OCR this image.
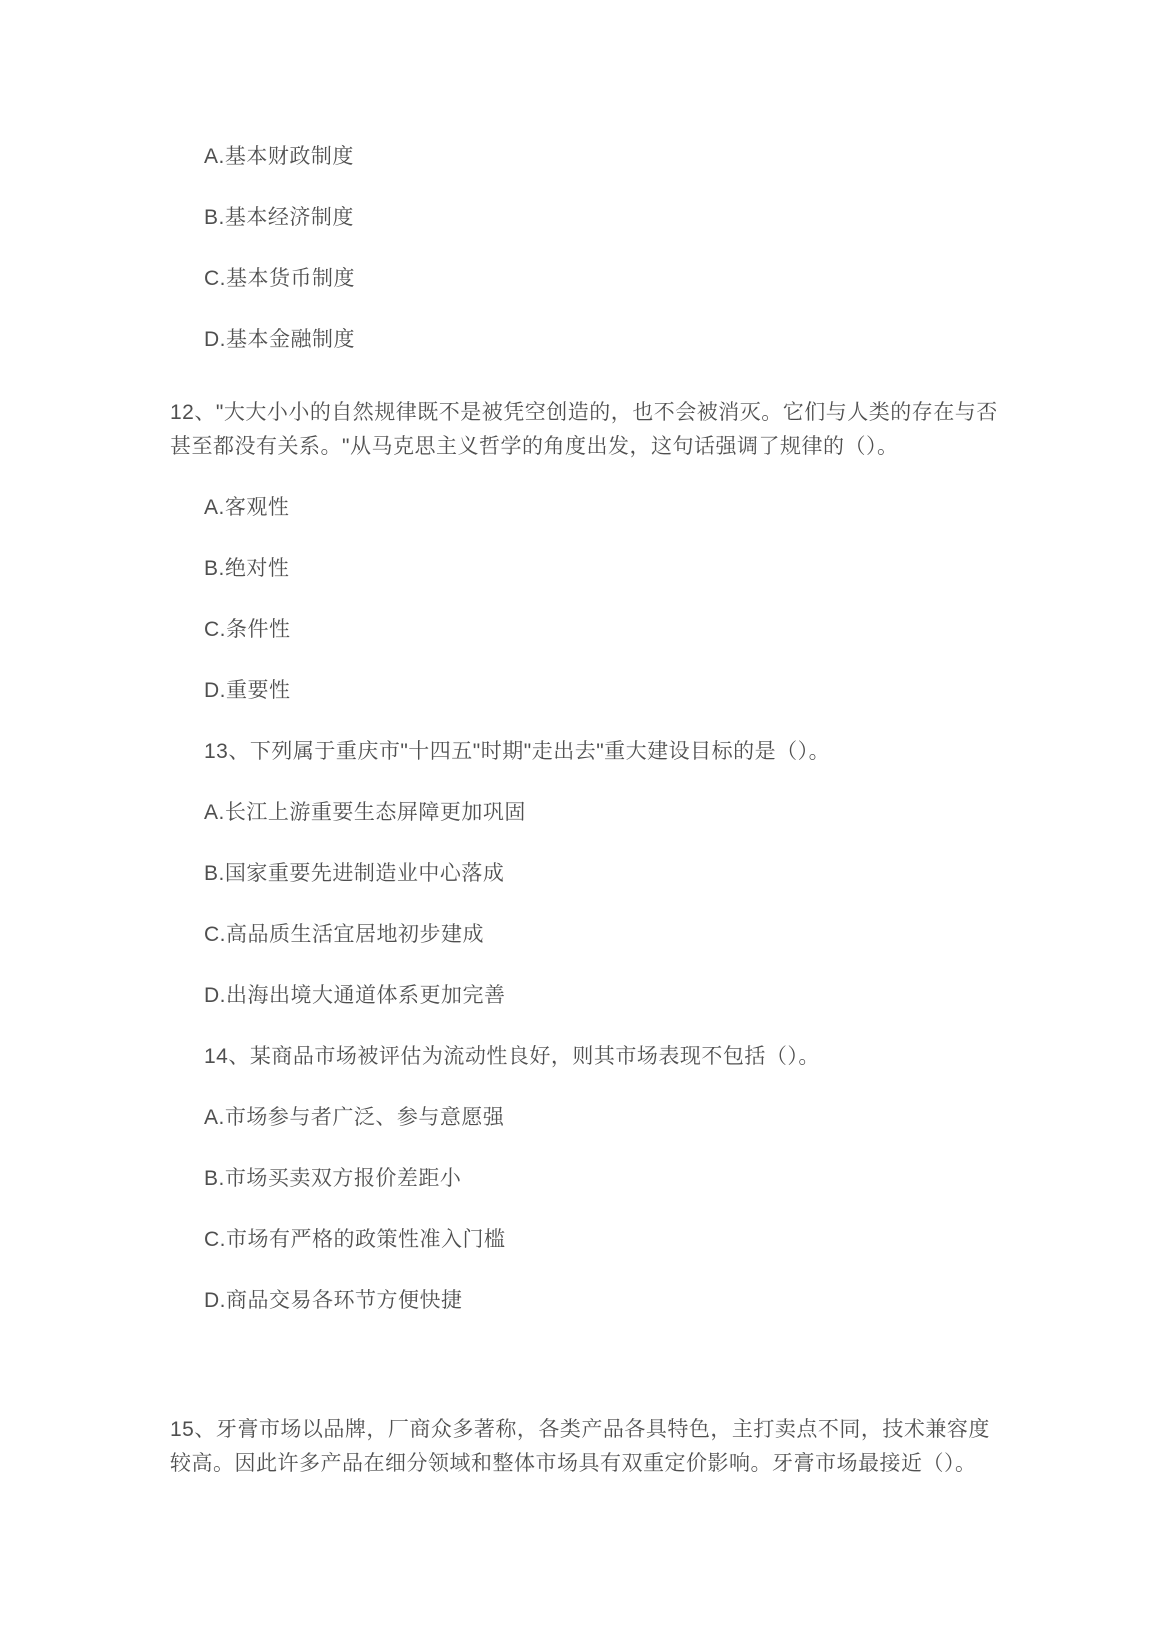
A.基本财政制度

B.基本经济制度

C.基本货币制度

D.基本金融制度

12、"大大小小的自然规律既不是被凭空创造的，也不会被消灭。它们与人类的存在与否甚至都没有关系。"从马克思主义哲学的角度出发，这句话强调了规律的（）。

A.客观性

B.绝对性

C.条件性

D.重要性

13、下列属于重庆市"十四五"时期"走出去"重大建设目标的是（）。

A.长江上游重要生态屏障更加巩固

B.国家重要先进制造业中心落成

C.高品质生活宜居地初步建成

D.出海出境大通道体系更加完善

14、某商品市场被评估为流动性良好，则其市场表现不包括（）。

A.市场参与者广泛、参与意愿强

B.市场买卖双方报价差距小

C.市场有严格的政策性准入门槛

D.商品交易各环节方便快捷

15、牙膏市场以品牌，厂商众多著称，各类产品各具特色，主打卖点不同，技术兼容度较高。因此许多产品在细分领域和整体市场具有双重定价影响。牙膏市场最接近（）。
